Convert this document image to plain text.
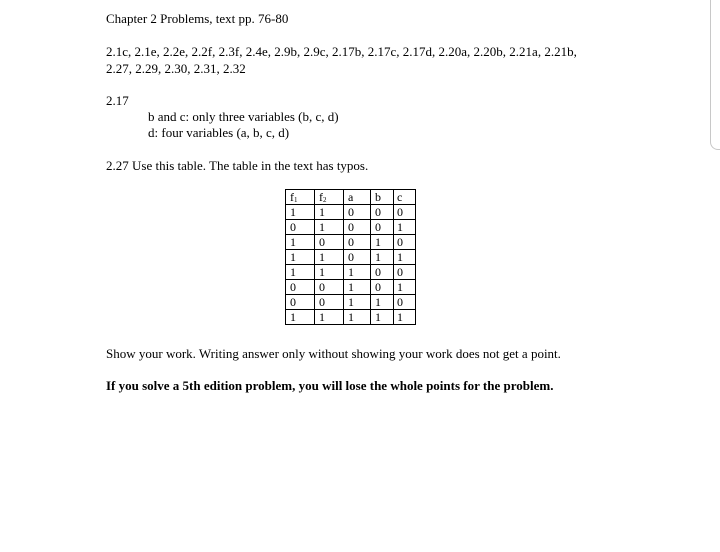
Chapter 2 Problems, text pp. 76-80
2.1c, 2.1e, 2.2e, 2.2f, 2.3f, 2.4e, 2.9b, 2.9c, 2.17b, 2.17c, 2.17d, 2.20a, 2.20b, 2.21a, 2.21b,
2.27, 2.29, 2.30, 2.31, 2.32
2.17
b and c: only three variables (b, c, d)
d: four variables (a, b, c, d)
2.27 Use this table. The table in the text has typos.
$f_1$	$f_2$	a	b	c
1	1	0	0	0
0	1	0	0	1
1	0	0	1	0
1	1	0	1	1
1	1	1	0	0
0	0	1	0	1
0	0	1	1	0
1	1	1	1	1
Show your work. Writing answer only without showing your work does not get a point.
If you solve a 5th edition problem, you will lose the whole points for the problem.
